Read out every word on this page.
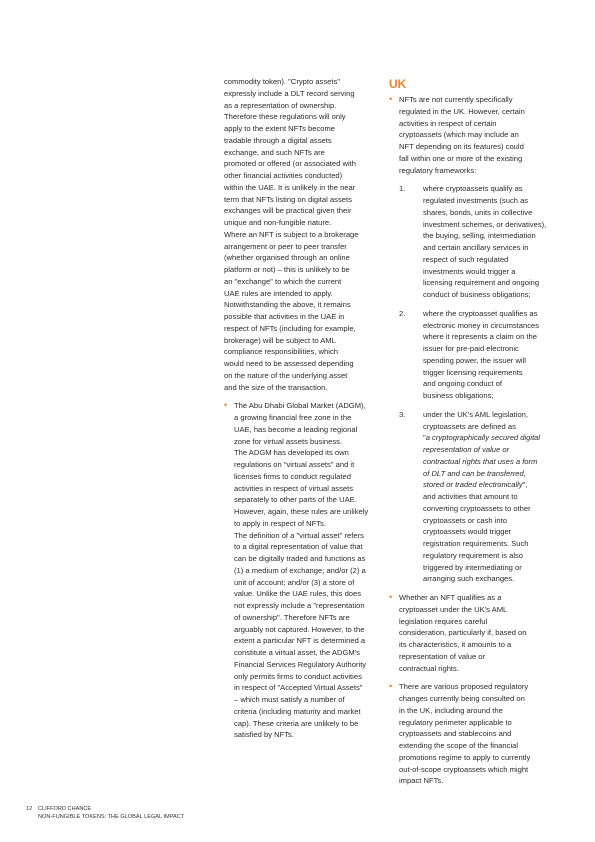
commodity token). "Crypto assets"
expressly include a DLT record serving
as a representation of ownership.
Therefore these regulations will only
apply to the extent NFTs become
tradable through a digital assets
exchange, and such NFTs are
promoted or offered (or associated with
other financial activities conducted)
within the UAE. It is unlikely in the near
term that NFTs listing on digital assets
exchanges will be practical given their
unique and non-fungible nature.
Where an NFT is subject to a brokerage
arrangement or peer to peer transfer
(whether organised through an online
platform or not) – this is unlikely to be
an "exchange" to which the current
UAE rules are intended to apply.
Notwithstanding the above, it remains
possible that activities in the UAE in
respect of NFTs (including for example,
brokerage) will be subject to AML
compliance responsibilities, which
would need to be assessed depending
on the nature of the underlying asset
and the size of the transaction.

• The Abu Dhabi Global Market (ADGM),
a growing financial free zone in the
UAE, has become a leading regional
zone for virtual assets business.
The ADGM has developed its own
regulations on "virtual assets" and it
licenses firms to conduct regulated
activities in respect of virtual assets
separately to other parts of the UAE.
However, again, these rules are unlikely
to apply in respect of NFTs.
The definition of a "virtual asset" refers
to a digital representation of value that
can be digitally traded and functions as
(1) a medium of exchange; and/or (2) a
unit of account; and/or (3) a store of
value. Unlike the UAE rules, this does
not expressly include a "representation
of ownership". Therefore NFTs are
arguably not captured. However, to the
extent a particular NFT is determined a
constitute a virtual asset, the ADGM's
Financial Services Regulatory Authority
only permits firms to conduct activities
in respect of "Accepted Virtual Assets"
– which must satisfy a number of
criteria (including maturity and market
cap). These criteria are unlikely to be
satisfied by NFTs.

UK

• NFTs are not currently specifically
regulated in the UK. However, certain
activities in respect of certain
cryptoassets (which may include an
NFT depending on its features) could
fall within one or more of the existing
regulatory frameworks:

1. where cryptoassets qualify as
regulated investments (such as
shares, bonds, units in collective
investment schemes, or derivatives),
the buying, selling, intermediation
and certain ancillary services in
respect of such regulated
investments would trigger a
licensing requirement and ongoing
conduct of business obligations;
2. where the cryptoasset qualifies as
electronic money in circumstances
where it represents a claim on the
issuer for pre-paid electronic
spending power, the issuer will
trigger licensing requirements
and ongoing conduct of
business obligations;
3. under the UK's AML legislation,
cryptoassets are defined as
"a cryptographically secured digital
representation of value or
contractual rights that uses a form
of DLT and can be transferred,
stored or traded electronically",
and activities that amount to
converting cryptoassets to other
cryptoassets or cash into
cryptoassets would trigger
registration requirements. Such
regulatory requirement is also
triggered by intermediating or
arranging such exchanges.

• Whether an NFT qualifies as a
cryptoasset under the UK's AML
legislation requires careful
consideration, particularly if, based on
its characteristics, it amounts to a
representation of value or
contractual rights.

• There are various proposed regulatory
changes currently being consulted on
in the UK, including around the
regulatory perimeter applicable to
cryptoassets and stablecoins and
extending the scope of the financial
promotions regime to apply to currently
out-of-scope cryptoassets which might
impact NFTs.

12 CLIFFORD CHANCE
NON-FUNGIBLE TOKENS: THE GLOBAL LEGAL IMPACT
